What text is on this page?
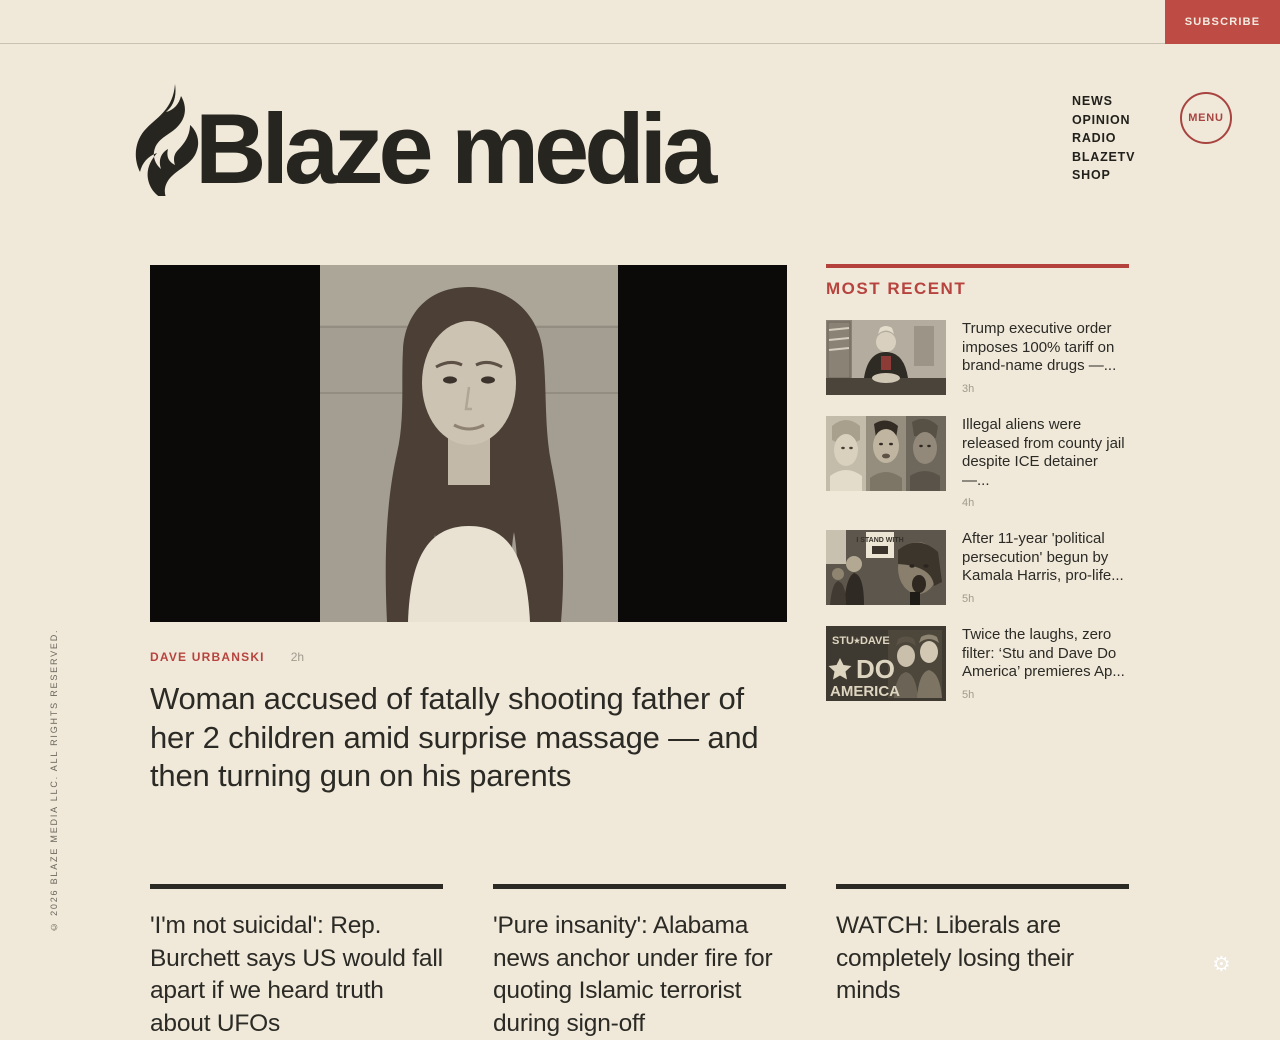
SUBSCRIBE
Blaze media	NEWS
OPINION
RADIO
BLAZETV
SHOP
MENU
DAVE URBANSKI 2h
Woman accused of fatally shooting father of her 2 children amid surprise massage — and then turning gun on his parents
MOST RECENT
Trump executive order imposes 100% tariff on brand-name drugs —...
3h
Illegal aliens were released from county jail despite ICE detainer —...
4h
I STAND WITH	After 11-year 'political persecution' begun by Kamala Harris, pro-life...
5h
STU⭑DAVE
DO
AMERICA
Twice the laughs, zero filter: ‘Stu and Dave Do America’ premieres Ap...
5h
'I'm not suicidal': Rep. Burchett says US would fall apart if we heard truth about UFOs
'Pure insanity': Alabama news anchor under fire for quoting Islamic terrorist during sign-off
WATCH: Liberals are completely losing their minds
© 2026 BLAZE MEDIA LLC. ALL RIGHTS RESERVED.
⚙
